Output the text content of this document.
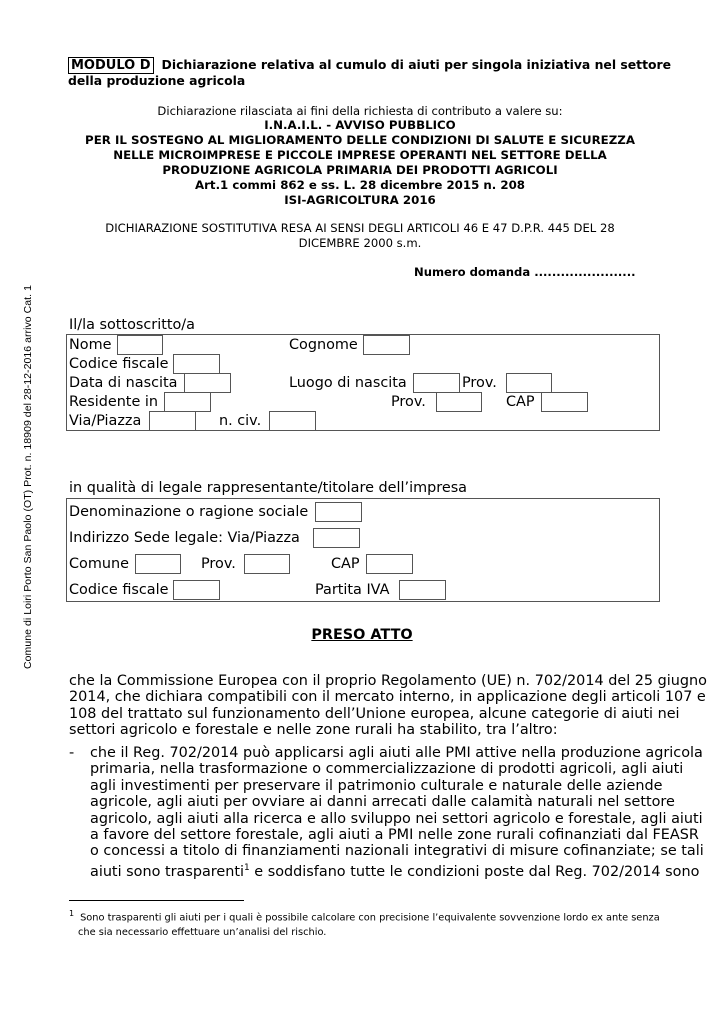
Comune di Loiri Porto San Paolo (OT) Prot. n. 18909 del 28-12-2016 arrivo Cat. 1
MODULO D Dichiarazione relativa al cumulo di aiuti per singola iniziativa nel settore
della produzione agricola
Dichiarazione rilasciata ai fini della richiesta di contributo a valere su:
I.N.A.I.L. - AVVISO PUBBLICO
PER IL SOSTEGNO AL MIGLIORAMENTO DELLE CONDIZIONI DI SALUTE E SICUREZZA
NELLE MICROIMPRESE E PICCOLE IMPRESE OPERANTI NEL SETTORE DELLA
PRODUZIONE AGRICOLA PRIMARIA DEI PRODOTTI AGRICOLI
Art.1 commi 862 e ss. L. 28 dicembre 2015 n. 208
ISI-AGRICOLTURA 2016
DICHIARAZIONE SOSTITUTIVA RESA AI SENSI DEGLI ARTICOLI 46 E 47 D.P.R. 445 DEL 28
DICEMBRE 2000 s.m.
Numero domanda .......................
Il/la sottoscritto/a
Nome	Cognome
Codice fiscale
Data di nascita	Luogo di nascita	Prov.
Residente in	Prov.	CAP
Via/Piazza	n. civ.
in qualità di legale rappresentante/titolare dell’impresa
Denominazione o ragione sociale
Indirizzo Sede legale: Via/Piazza
Comune	Prov.	CAP
Codice fiscale	Partita IVA
PRESO ATTO
che la Commissione Europea con il proprio Regolamento (UE) n. 702/2014 del 25 giugno
2014, che dichiara compatibili con il mercato interno, in applicazione degli articoli 107 e
108 del trattato sul funzionamento dell’Unione europea, alcune categorie di aiuti nei
settori agricolo e forestale e nelle zone rurali ha stabilito, tra l’altro:
- che il Reg. 702/2014 può applicarsi agli aiuti alle PMI attive nella produzione agricola
primaria, nella trasformazione o commercializzazione di prodotti agricoli, agli aiuti
agli investimenti per preservare il patrimonio culturale e naturale delle aziende
agricole, agli aiuti per ovviare ai danni arrecati dalle calamità naturali nel settore
agricolo, agli aiuti alla ricerca e allo sviluppo nei settori agricolo e forestale, agli aiuti
a favore del settore forestale, agli aiuti a PMI nelle zone rurali cofinanziati dal FEASR
o concessi a titolo di finanziamenti nazionali integrativi di misure cofinanziate; se tali
aiuti sono trasparenti$^1$ e soddisfano tutte le condizioni poste dal Reg. 702/2014 sono
$^1$ Sono trasparenti gli aiuti per i quali è possibile calcolare con precisione l’equivalente sovvenzione lordo ex ante senza
che sia necessario effettuare un’analisi del rischio.
